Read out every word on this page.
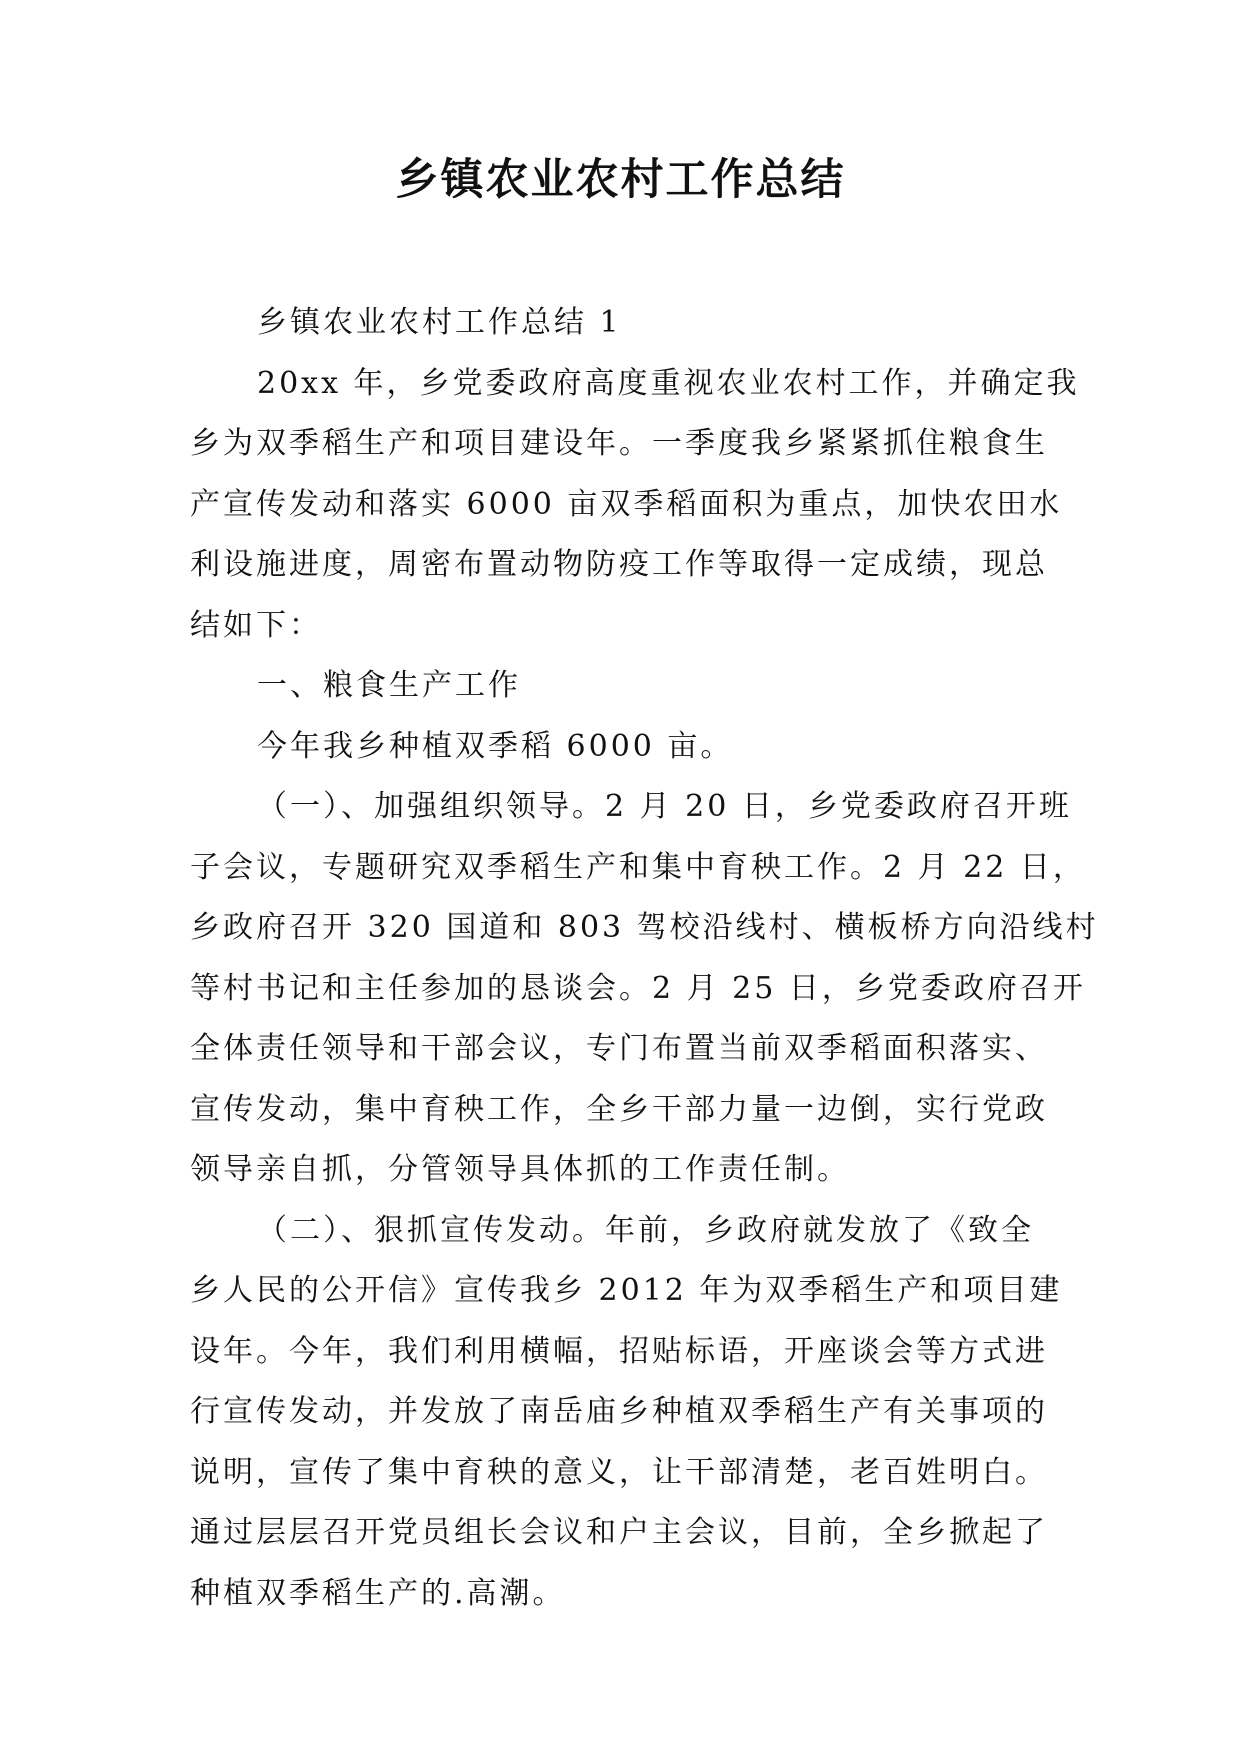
乡镇农业农村工作总结
乡镇农业农村工作总结 1
20xx 年，乡党委政府高度重视农业农村工作，并确定我
乡为双季稻生产和项目建设年。一季度我乡紧紧抓住粮食生
产宣传发动和落实 6000 亩双季稻面积为重点，加快农田水
利设施进度，周密布置动物防疫工作等取得一定成绩，现总
结如下：
一、粮食生产工作
今年我乡种植双季稻 6000 亩。
（一）、加强组织领导。2 月 20 日，乡党委政府召开班
子会议，专题研究双季稻生产和集中育秧工作。2 月 22 日，
乡政府召开 320 国道和 803 驾校沿线村、横板桥方向沿线村
等村书记和主任参加的恳谈会。2 月 25 日，乡党委政府召开
全体责任领导和干部会议，专门布置当前双季稻面积落实、
宣传发动，集中育秧工作，全乡干部力量一边倒，实行党政
领导亲自抓，分管领导具体抓的工作责任制。
（二）、狠抓宣传发动。年前，乡政府就发放了《致全
乡人民的公开信》宣传我乡 2012 年为双季稻生产和项目建
设年。今年，我们利用横幅，招贴标语，开座谈会等方式进
行宣传发动，并发放了南岳庙乡种植双季稻生产有关事项的
说明，宣传了集中育秧的意义，让干部清楚，老百姓明白。
通过层层召开党员组长会议和户主会议，目前，全乡掀起了
种植双季稻生产的.高潮。
